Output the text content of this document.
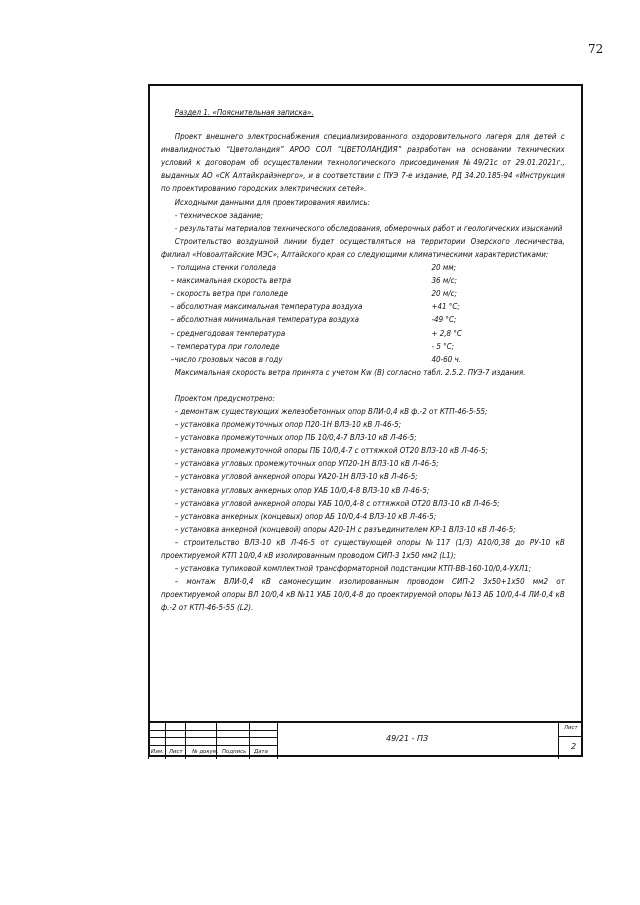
72

Раздел 1. «Пояснительная записка».

Проект внешнего электроснабжения специализированного оздоровительного лагеря для детей с инвалидностью “Цветоландия” АРОО СОЛ “ЦВЕТОЛАНДИЯ” разработан на основании технических условий к договорам об осуществлении технологического присоединения №49/21с от 29.01.2021г., выданных АО «СК Алтайкрайэнерго», и в соответствии с ПУЭ 7-е издание, РД 34.20.185-94 «Инструкция по проектированию городских электрических сетей».

Исходными данными для проектирования явились:

- техническое задание;

- результаты материалов технического обследования, обмерочных работ и геологических изысканий

Строительство воздушной линии будет осуществляться на территории Озерского лесничества, филиал «Новоалтайские МЭС», Алтайского края со следующими климатическими характеристиками:

– толщина стенки гололеда	20 мм;
– максимальная скорость ветра	36 м/с;
– скорость ветра при гололеде	20 м/с;
– абсолютная максимальная температура воздуха	+41 °С;
– абсолютная минимальная температура воздуха	-49 °С;
– среднегодовая температура	+ 2,8 °С
– температура при гололеде	- 5 °С;
–число грозовых часов в году	40-60 ч.

Максимальная скорость ветра принята с учетом Кw (В) согласно табл. 2.5.2. ПУЭ-7 издания.

Проектом предусмотрено:

– демонтаж существующих железобетонных опор ВЛИ-0,4 кВ ф.-2 от КТП-46-5-55;

– установка промежуточных опор П20-1Н ВЛЗ-10 кВ Л-46-5;

– установка промежуточных опор ПБ 10/0,4-7 ВЛЗ-10 кВ Л-46-5;

– установка промежуточной опоры ПБ 10/0,4-7 с оттяжкой ОТ20 ВЛЗ-10 кВ Л-46-5;

– установка угловых промежуточных опор УП20-1Н ВЛЗ-10 кВ Л-46-5;

– установка угловой анкерной опоры УА20-1Н ВЛЗ-10 кВ Л-46-5;

– установка угловых анкерных опор УАБ 10/0,4-8 ВЛЗ-10 кВ Л-46-5;

– установка угловой анкерной опоры УАБ 10/0,4-8 с оттяжкой ОТ20 ВЛЗ-10 кВ Л-46-5;

– установка анкерных (концевых) опор АБ 10/0,4-4 ВЛЗ-10 кВ Л-46-5;

– установка анкерной (концевой) опоры А20-1Н с разъединителем КР-1 ВЛЗ-10 кВ Л-46-5;

– строительство ВЛЗ-10 кВ Л-46-5 от существующей опоры №117 (1/3) А10/0,38 до РУ-10 кВ проектируемой КТП 10/0,4 кВ изолированным проводом СИП-3 1х50 мм2 (L1);

– установка тупиковой комплектной трансформаторной подстанции КТП-ВВ-160-10/0,4-УХЛ1;

– монтаж ВЛИ-0,4 кВ самонесущим изолированным проводом СИП-2 3х50+1х50 мм2 от проектируемой опоры ВЛ 10/0,4 кВ №11 УАБ 10/0,4-8 до проектируемой опоры №13 АБ 10/0,4-4 ЛИ-0,4 кВ ф.-2 от КТП-46-5-55 (L2).

Изм. Лист № докум. Подпись Дата
49/21 - ПЗ
Лист
2
